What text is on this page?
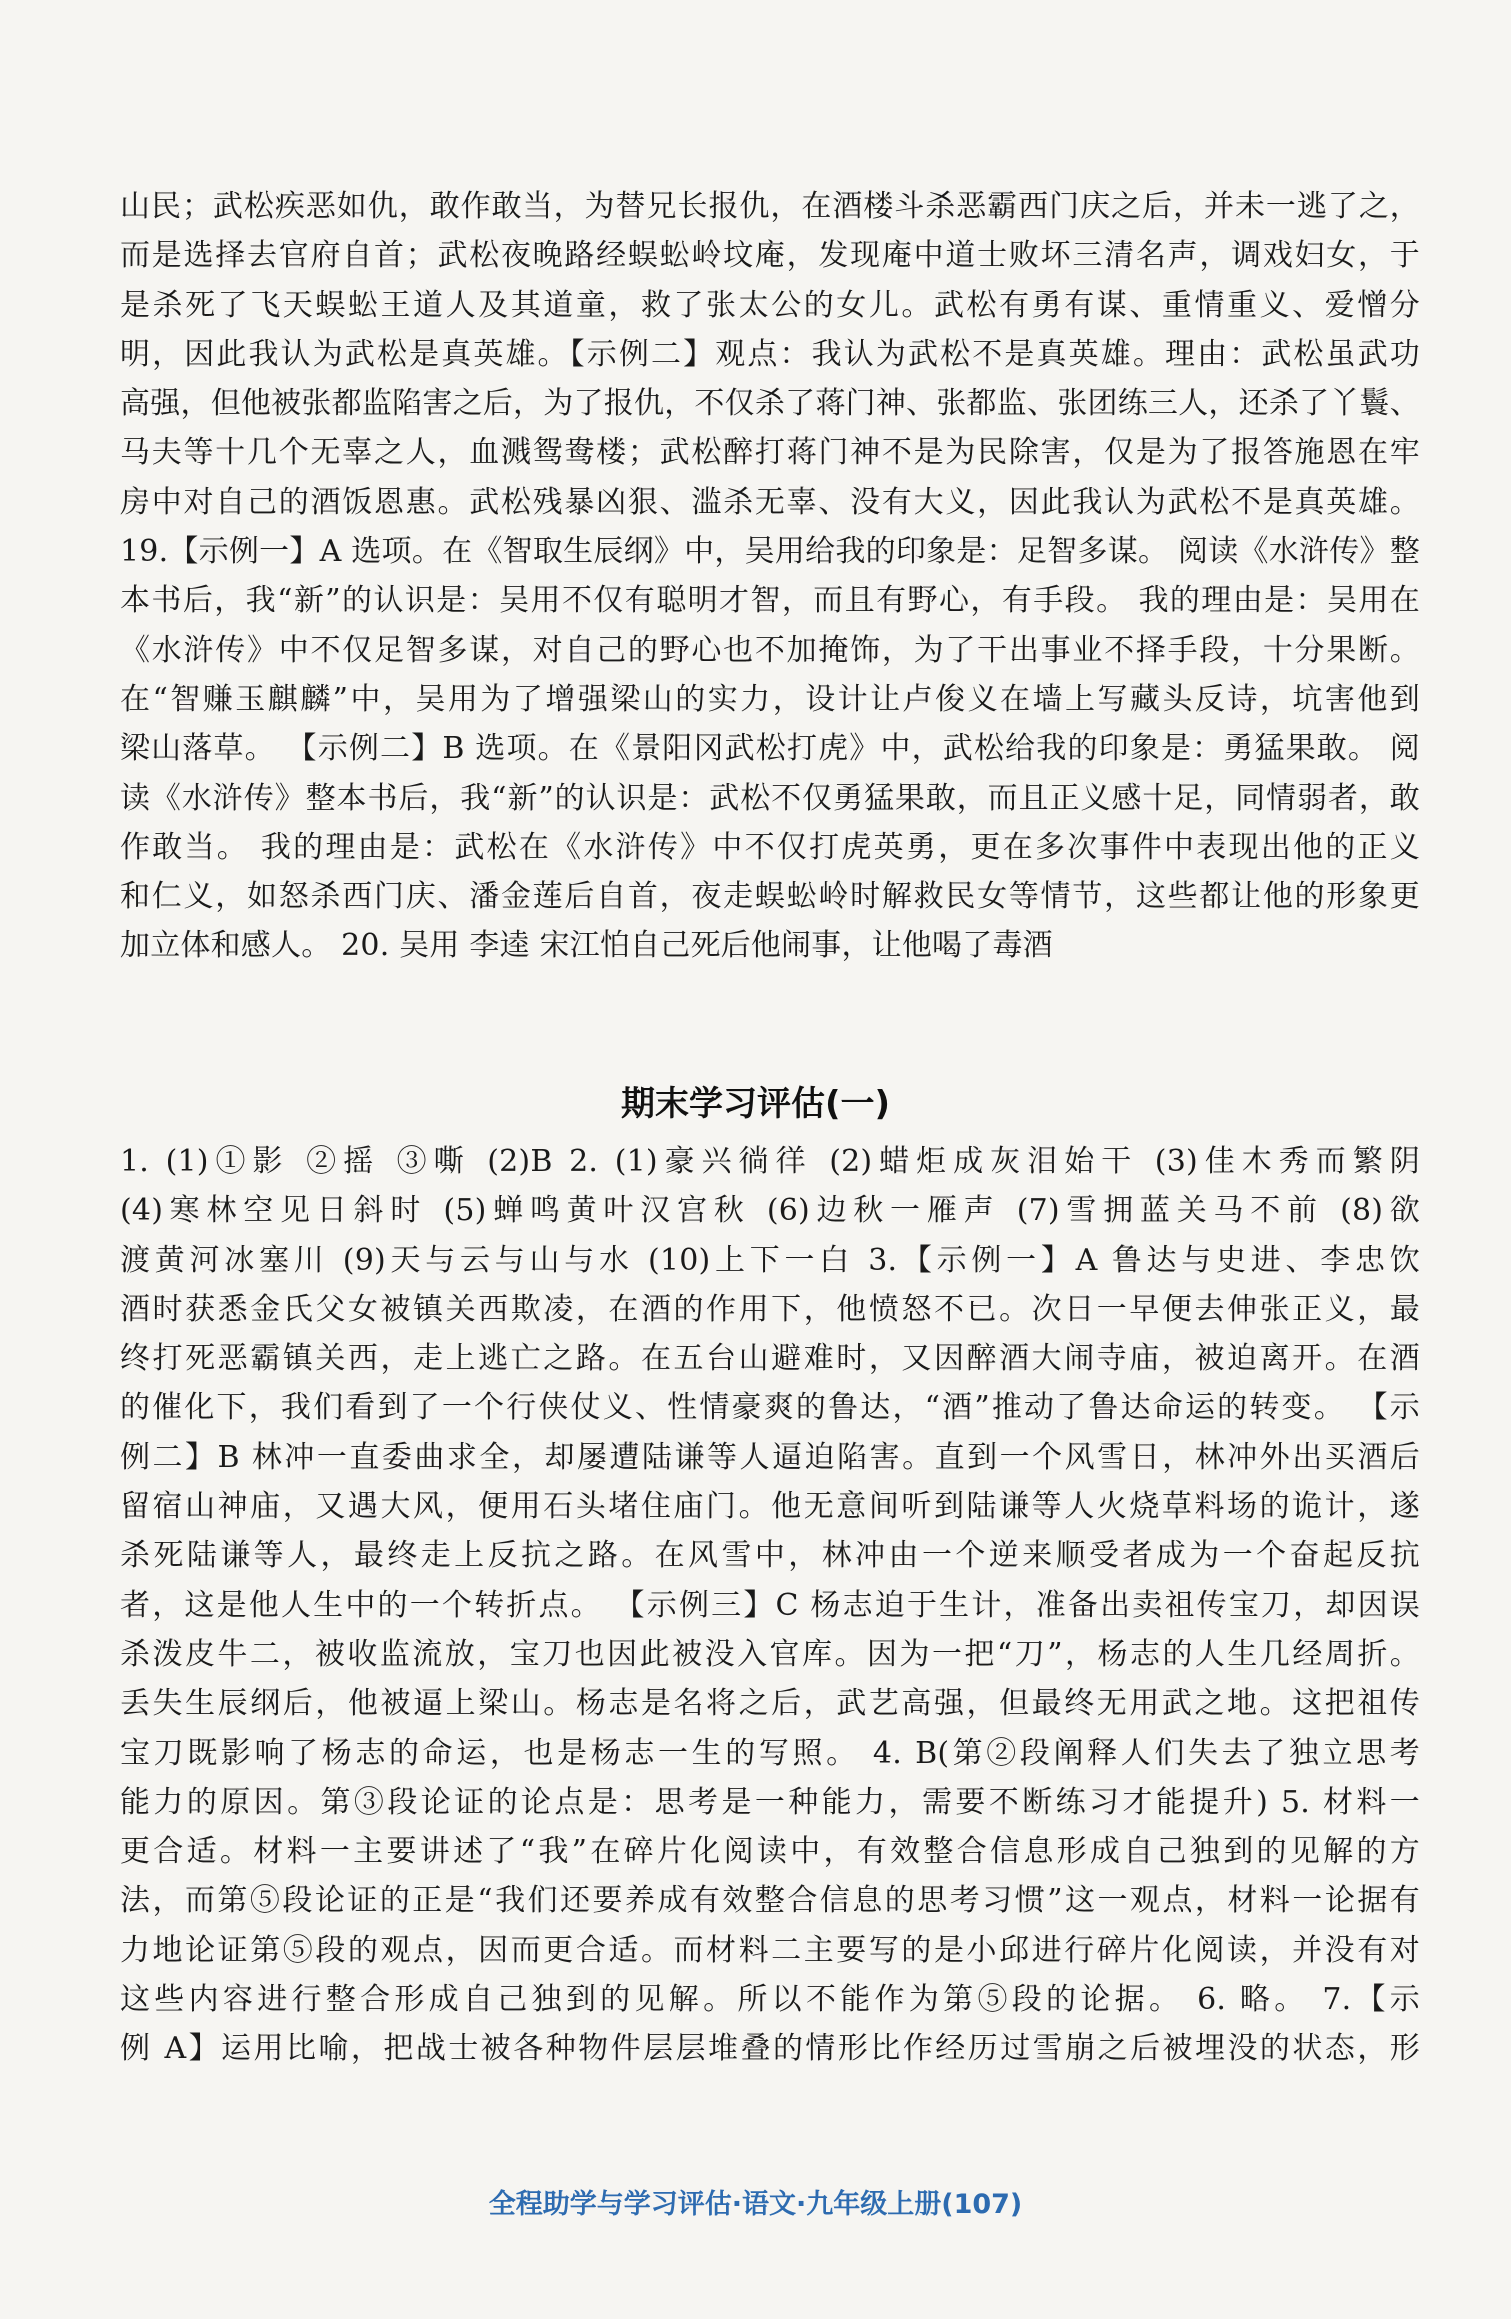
山民；武松疾恶如仇，敢作敢当，为替兄长报仇，在酒楼斗杀恶霸西门庆之后，并未一逃了之，
而是选择去官府自首；武松夜晚路经蜈蚣岭坟庵，发现庵中道士败坏三清名声，调戏妇女，于
是杀死了飞天蜈蚣王道人及其道童，救了张太公的女儿。武松有勇有谋、重情重义、爱憎分
明，因此我认为武松是真英雄。【示例二】观点：我认为武松不是真英雄。理由：武松虽武功
高强，但他被张都监陷害之后，为了报仇，不仅杀了蒋门神、张都监、张团练三人，还杀了丫鬟、
马夫等十几个无辜之人，血溅鸳鸯楼；武松醉打蒋门神不是为民除害，仅是为了报答施恩在牢
房中对自己的酒饭恩惠。武松残暴凶狠、滥杀无辜、没有大义，因此我认为武松不是真英雄。
19.【示例一】A 选项。在《智取生辰纲》中，吴用给我的印象是：足智多谋。 阅读《水浒传》整
本书后，我“新”的认识是：吴用不仅有聪明才智，而且有野心，有手段。 我的理由是：吴用在
《水浒传》中不仅足智多谋，对自己的野心也不加掩饰，为了干出事业不择手段，十分果断。
在“智赚玉麒麟”中，吴用为了增强梁山的实力，设计让卢俊义在墙上写藏头反诗，坑害他到
梁山落草。 【示例二】B 选项。在《景阳冈武松打虎》中，武松给我的印象是：勇猛果敢。 阅
读《水浒传》整本书后，我“新”的认识是：武松不仅勇猛果敢，而且正义感十足，同情弱者，敢
作敢当。 我的理由是：武松在《水浒传》中不仅打虎英勇，更在多次事件中表现出他的正义
和仁义，如怒杀西门庆、潘金莲后自首，夜走蜈蚣岭时解救民女等情节，这些都让他的形象更
加立体和感人。 20. 吴用 李逵 宋江怕自己死后他闹事，让他喝了毒酒
期末学习评估(一)
1. (1)①影 ②摇 ③嘶 (2)B 2. (1)豪兴徜徉 (2)蜡炬成灰泪始干 (3)佳木秀而繁阴
(4)寒林空见日斜时 (5)蝉鸣黄叶汉宫秋 (6)边秋一雁声 (7)雪拥蓝关马不前 (8)欲
渡黄河冰塞川 (9)天与云与山与水 (10)上下一白 3.【示例一】A 鲁达与史进、李忠饮
酒时获悉金氏父女被镇关西欺凌，在酒的作用下，他愤怒不已。次日一早便去伸张正义，最
终打死恶霸镇关西，走上逃亡之路。在五台山避难时，又因醉酒大闹寺庙，被迫离开。在酒
的催化下，我们看到了一个行侠仗义、性情豪爽的鲁达，“酒”推动了鲁达命运的转变。 【示
例二】B 林冲一直委曲求全，却屡遭陆谦等人逼迫陷害。直到一个风雪日，林冲外出买酒后
留宿山神庙，又遇大风，便用石头堵住庙门。他无意间听到陆谦等人火烧草料场的诡计，遂
杀死陆谦等人，最终走上反抗之路。在风雪中，林冲由一个逆来顺受者成为一个奋起反抗
者，这是他人生中的一个转折点。 【示例三】C 杨志迫于生计，准备出卖祖传宝刀，却因误
杀泼皮牛二，被收监流放，宝刀也因此被没入官库。因为一把“刀”，杨志的人生几经周折。
丢失生辰纲后，他被逼上梁山。杨志是名将之后，武艺高强，但最终无用武之地。这把祖传
宝刀既影响了杨志的命运，也是杨志一生的写照。 4. B(第②段阐释人们失去了独立思考
能力的原因。第③段论证的论点是：思考是一种能力，需要不断练习才能提升) 5. 材料一
更合适。材料一主要讲述了“我”在碎片化阅读中，有效整合信息形成自己独到的见解的方
法，而第⑤段论证的正是“我们还要养成有效整合信息的思考习惯”这一观点，材料一论据有
力地论证第⑤段的观点，因而更合适。而材料二主要写的是小邱进行碎片化阅读，并没有对
这些内容进行整合形成自己独到的见解。所以不能作为第⑤段的论据。 6. 略。 7.【示
例 A】运用比喻，把战士被各种物件层层堆叠的情形比作经历过雪崩之后被埋没的状态，形
全程助学与学习评估·语文·九年级上册(107)
